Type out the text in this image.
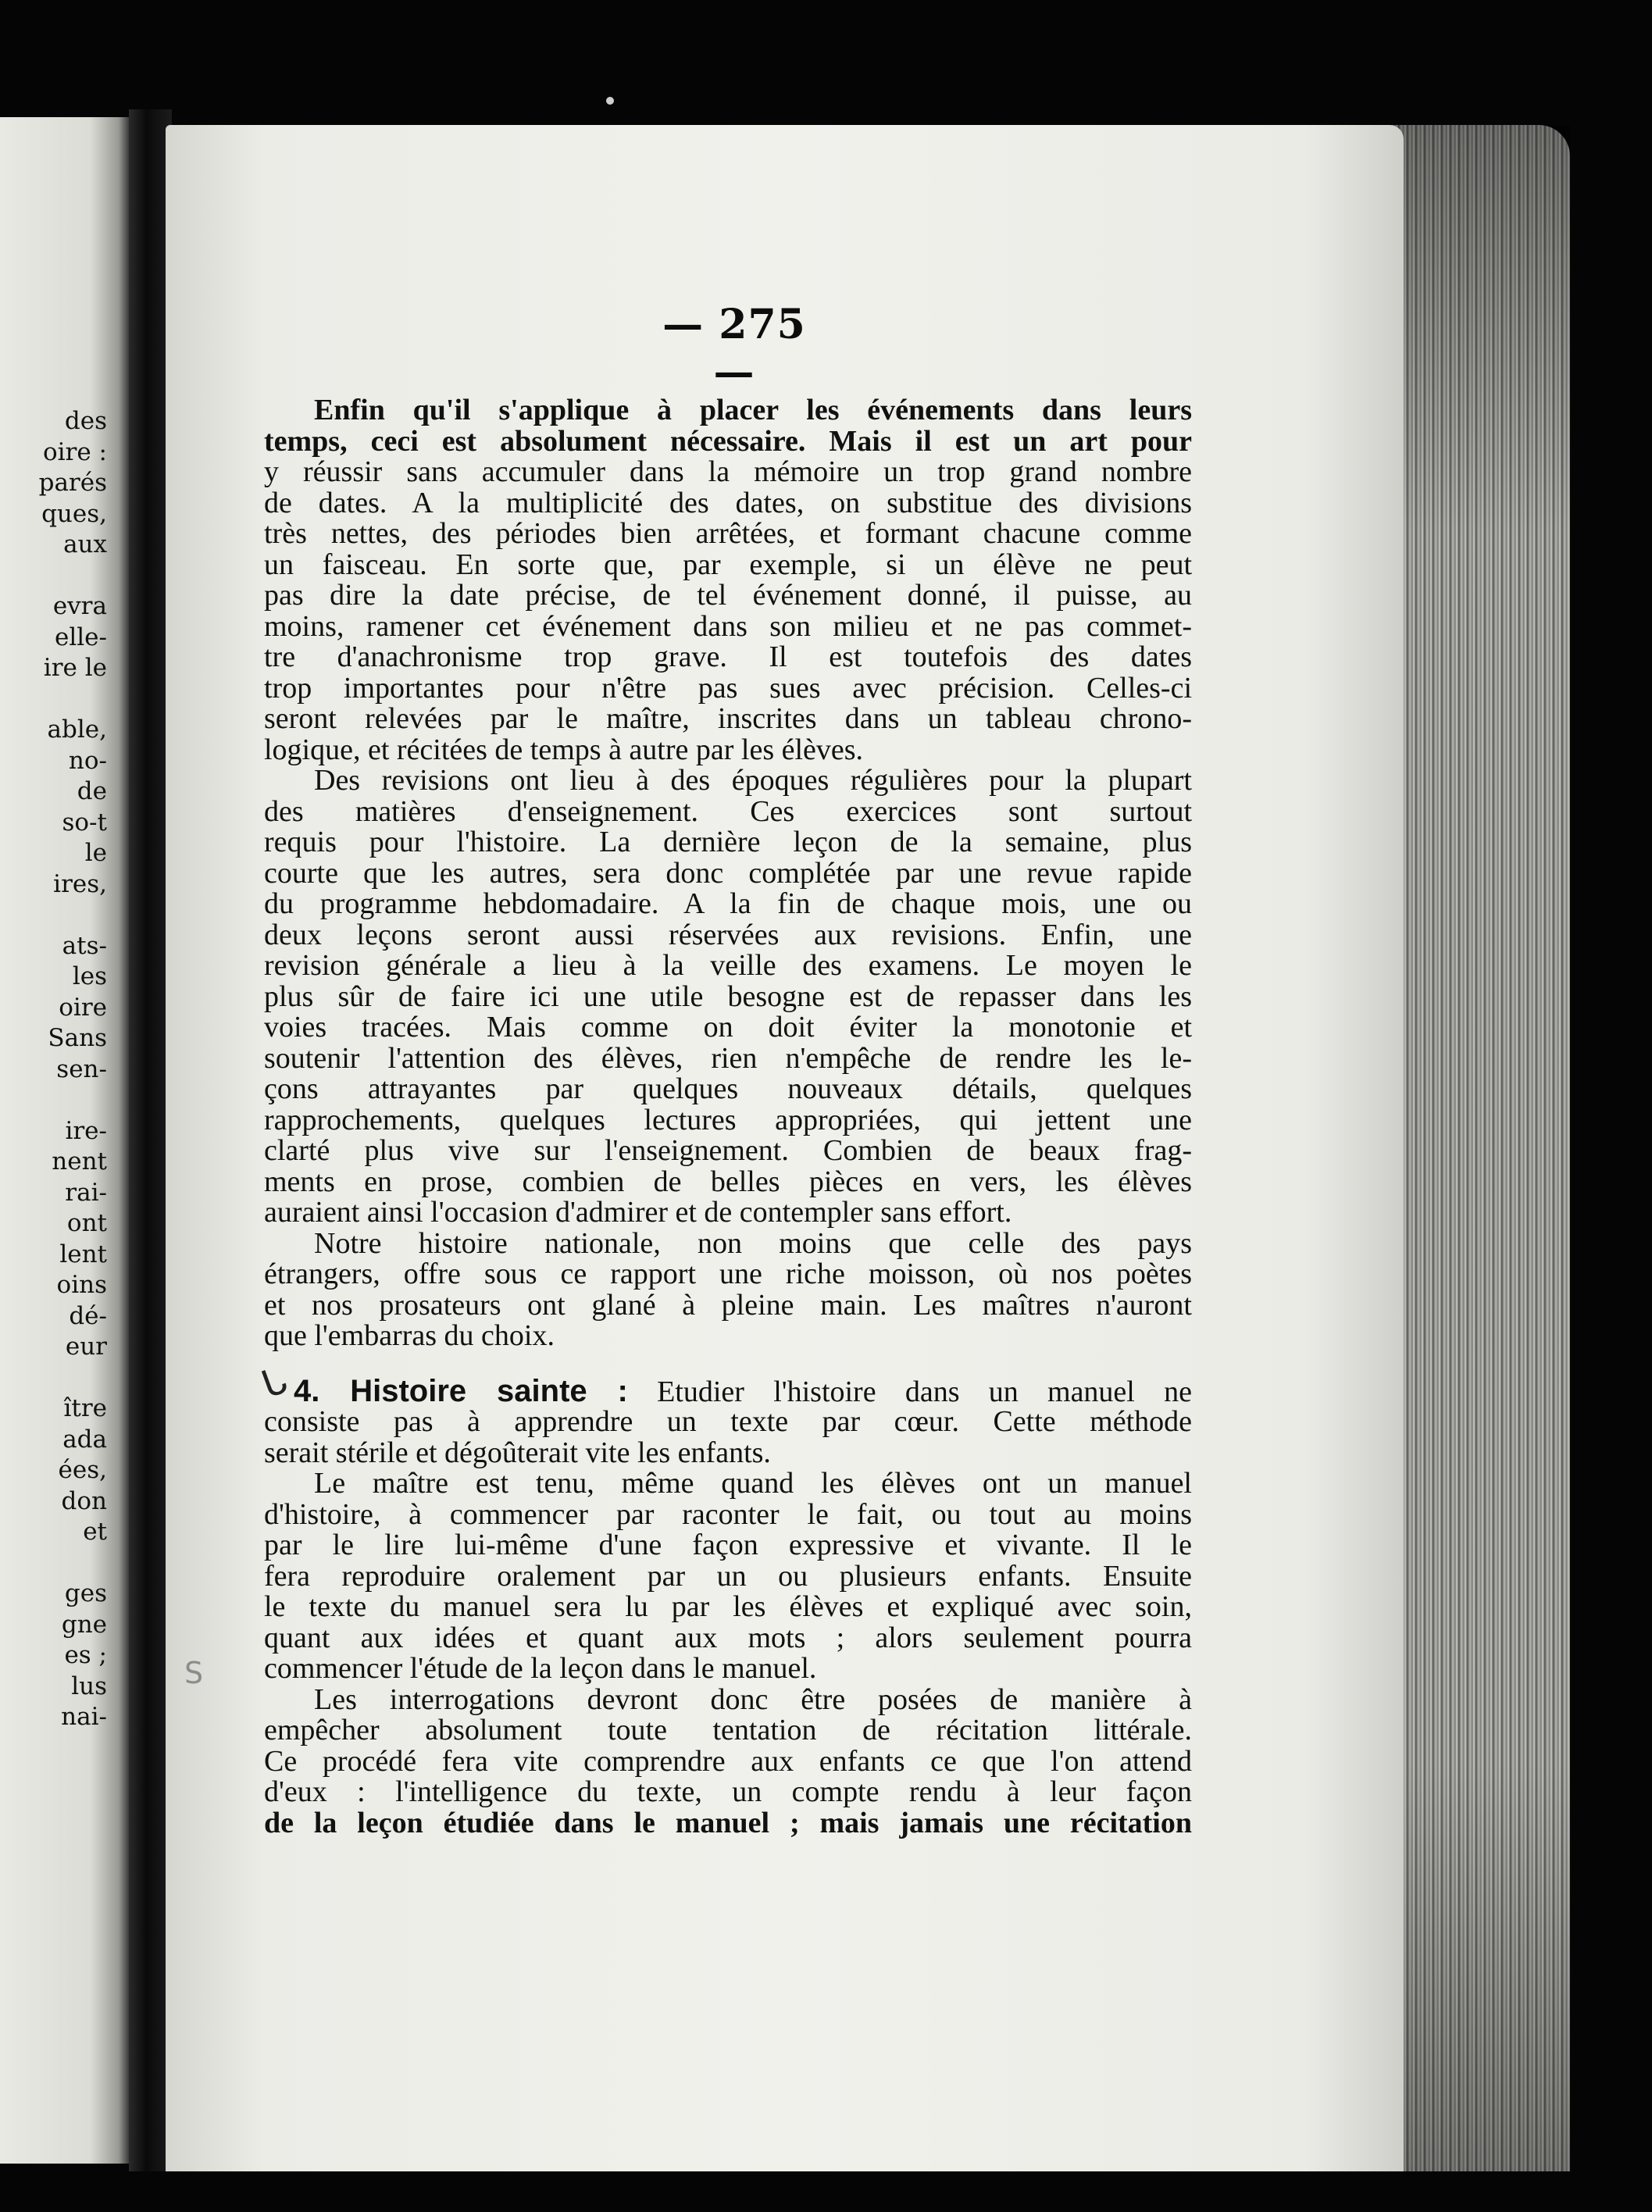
des
oire :
parés
ques,
aux
evra
elle-
ire le
able,
no-
de
so-t
le
ires,
ats-
les
oire
Sans
sen-
ire-
nent
rai-
ont
lent
oins
dé-
eur
ître
ada
ées,
don
et
ges
gne
es ;
lus
nai-
— 275 —
Enfin qu'il s'applique à placer les événements dans leurs
temps, ceci est absolument nécessaire. Mais il est un art pour
y réussir sans accumuler dans la mémoire un trop grand nombre
de dates. A la multiplicité des dates, on substitue des divisions
très nettes, des périodes bien arrêtées, et formant chacune comme
un faisceau. En sorte que, par exemple, si un élève ne peut
pas dire la date précise, de tel événement donné, il puisse, au
moins, ramener cet événement dans son milieu et ne pas commet-
tre d'anachronisme trop grave. Il est toutefois des dates
trop importantes pour n'être pas sues avec précision. Celles-ci
seront relevées par le maître, inscrites dans un tableau chrono-
logique, et récitées de temps à autre par les élèves.
Des revisions ont lieu à des époques régulières pour la plupart
des matières d'enseignement. Ces exercices sont surtout
requis pour l'histoire. La dernière leçon de la semaine, plus
courte que les autres, sera donc complétée par une revue rapide
du programme hebdomadaire. A la fin de chaque mois, une ou
deux leçons seront aussi réservées aux revisions. Enfin, une
revision générale a lieu à la veille des examens. Le moyen le
plus sûr de faire ici une utile besogne est de repasser dans les
voies tracées. Mais comme on doit éviter la monotonie et
soutenir l'attention des élèves, rien n'empêche de rendre les le-
çons attrayantes par quelques nouveaux détails, quelques
rapprochements, quelques lectures appropriées, qui jettent une
clarté plus vive sur l'enseignement. Combien de beaux frag-
ments en prose, combien de belles pièces en vers, les élèves
auraient ainsi l'occasion d'admirer et de contempler sans effort.
Notre histoire nationale, non moins que celle des pays
étrangers, offre sous ce rapport une riche moisson, où nos poètes
et nos prosateurs ont glané à pleine main. Les maîtres n'auront
que l'embarras du choix.
4. Histoire sainte : Etudier l'histoire dans un manuel ne
consiste pas à apprendre un texte par cœur. Cette méthode
serait stérile et dégoûterait vite les enfants.
Le maître est tenu, même quand les élèves ont un manuel
d'histoire, à commencer par raconter le fait, ou tout au moins
par le lire lui-même d'une façon expressive et vivante. Il le
fera reproduire oralement par un ou plusieurs enfants. Ensuite
le texte du manuel sera lu par les élèves et expliqué avec soin,
quant aux idées et quant aux mots ; alors seulement pourra
commencer l'étude de la leçon dans le manuel.
Les interrogations devront donc être posées de manière à
empêcher absolument toute tentation de récitation littérale.
Ce procédé fera vite comprendre aux enfants ce que l'on attend
d'eux : l'intelligence du texte, un compte rendu à leur façon
de la leçon étudiée dans le manuel ; mais jamais une récitation
ᒐ
S
